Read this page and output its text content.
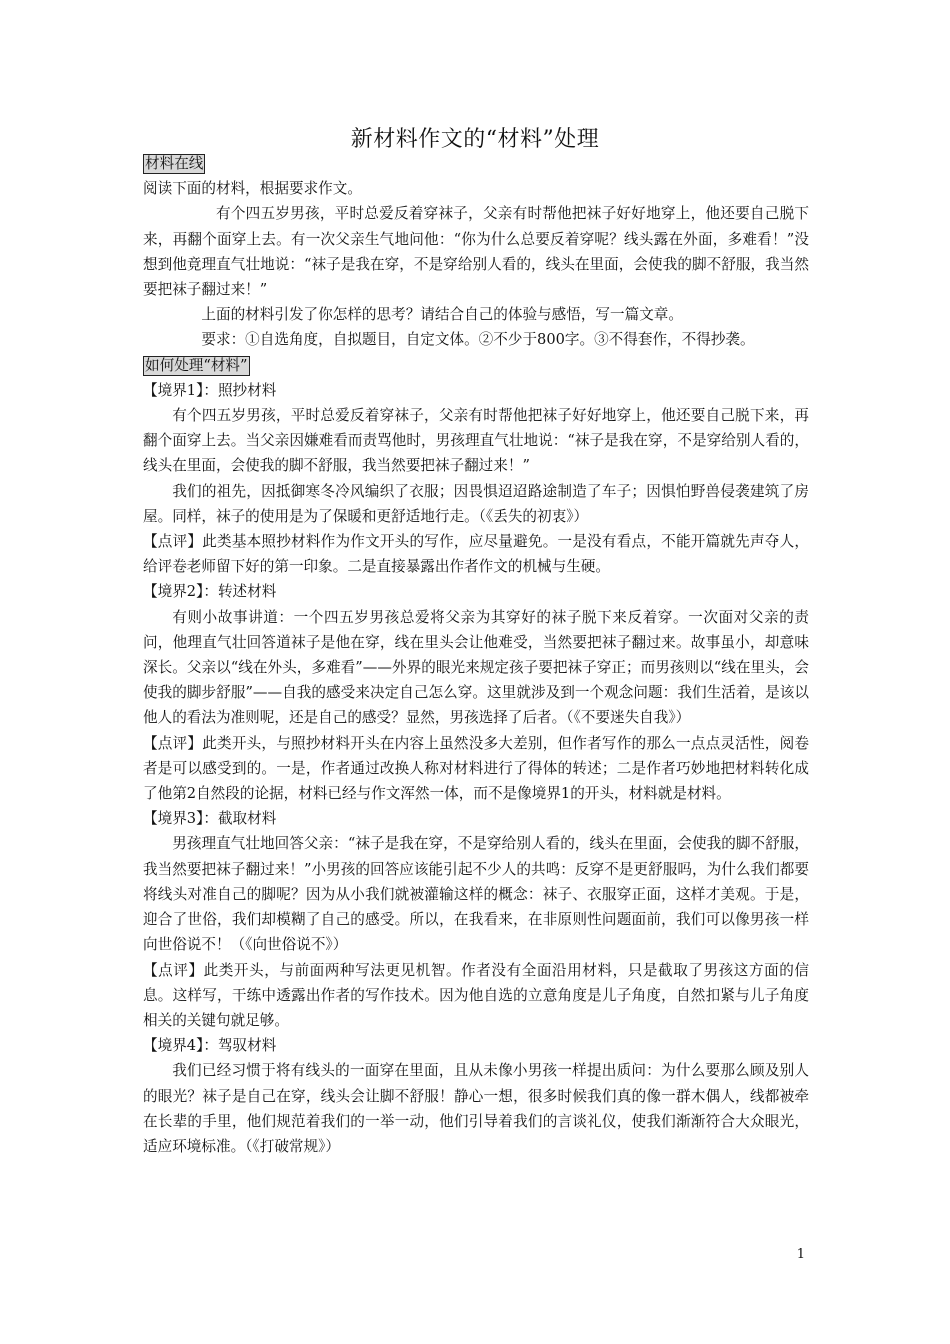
新材料作文的“材料”处理
材料在线

阅读下面的材料，根据要求作文。

有个四五岁男孩，平时总爱反着穿袜子，父亲有时帮他把袜子好好地穿上，他还要自己脱下来，再翻个面穿上去。有一次父亲生气地问他：“你为什么总要反着穿呢？线头露在外面，多难看！”没想到他竟理直气壮地说：“袜子是我在穿，不是穿给别人看的，线头在里面，会使我的脚不舒服，我当然要把袜子翻过来！”

上面的材料引发了你怎样的思考？请结合自己的体验与感悟，写一篇文章。

要求：①自选角度，自拟题目，自定文体。②不少于800字。③不得套作，不得抄袭。

如何处理“材料”

【境界1】：照抄材料

有个四五岁男孩，平时总爱反着穿袜子，父亲有时帮他把袜子好好地穿上，他还要自己脱下来，再翻个面穿上去。当父亲因嫌难看而责骂他时，男孩理直气壮地说：“袜子是我在穿，不是穿给别人看的，线头在里面，会使我的脚不舒服，我当然要把袜子翻过来！”

我们的祖先，因抵御寒冬冷风编织了衣服；因畏惧迢迢路途制造了车子；因惧怕野兽侵袭建筑了房屋。同样，袜子的使用是为了保暖和更舒适地行走。（《丢失的初衷》）

【点评】此类基本照抄材料作为作文开头的写作，应尽量避免。一是没有看点，不能开篇就先声夺人，给评卷老师留下好的第一印象。二是直接暴露出作者作文的机械与生硬。

【境界2】：转述材料

有则小故事讲道：一个四五岁男孩总爱将父亲为其穿好的袜子脱下来反着穿。一次面对父亲的责问，他理直气壮回答道袜子是他在穿，线在里头会让他难受，当然要把袜子翻过来。故事虽小，却意味深长。父亲以“线在外头，多难看”——外界的眼光来规定孩子要把袜子穿正；而男孩则以“线在里头，会使我的脚步舒服”——自我的感受来决定自己怎么穿。这里就涉及到一个观念问题：我们生活着，是该以他人的看法为准则呢，还是自己的感受？显然，男孩选择了后者。（《不要迷失自我》）

【点评】此类开头，与照抄材料开头在内容上虽然没多大差别，但作者写作的那么一点点灵活性，阅卷者是可以感受到的。一是，作者通过改换人称对材料进行了得体的转述；二是作者巧妙地把材料转化成了他第2自然段的论据，材料已经与作文浑然一体，而不是像境界1的开头，材料就是材料。

【境界3】：截取材料

男孩理直气壮地回答父亲：“袜子是我在穿，不是穿给别人看的，线头在里面，会使我的脚不舒服，我当然要把袜子翻过来！”小男孩的回答应该能引起不少人的共鸣：反穿不是更舒服吗，为什么我们都要将线头对准自己的脚呢？因为从小我们就被灌输这样的概念：袜子、衣服穿正面，这样才美观。于是，迎合了世俗，我们却模糊了自己的感受。所以，在我看来，在非原则性问题面前，我们可以像男孩一样向世俗说不！（《向世俗说不》）

【点评】此类开头，与前面两种写法更见机智。作者没有全面沿用材料，只是截取了男孩这方面的信息。这样写，干练中透露出作者的写作技术。因为他自选的立意角度是儿子角度，自然扣紧与儿子角度相关的关键句就足够。

【境界4】：驾驭材料

我们已经习惯于将有线头的一面穿在里面，且从未像小男孩一样提出质问：为什么要那么顾及别人的眼光？袜子是自己在穿，线头会让脚不舒服！静心一想，很多时候我们真的像一群木偶人，线都被牵在长辈的手里，他们规范着我们的一举一动，他们引导着我们的言谈礼仪，使我们渐渐符合大众眼光，适应环境标准。（《打破常规》）

1
